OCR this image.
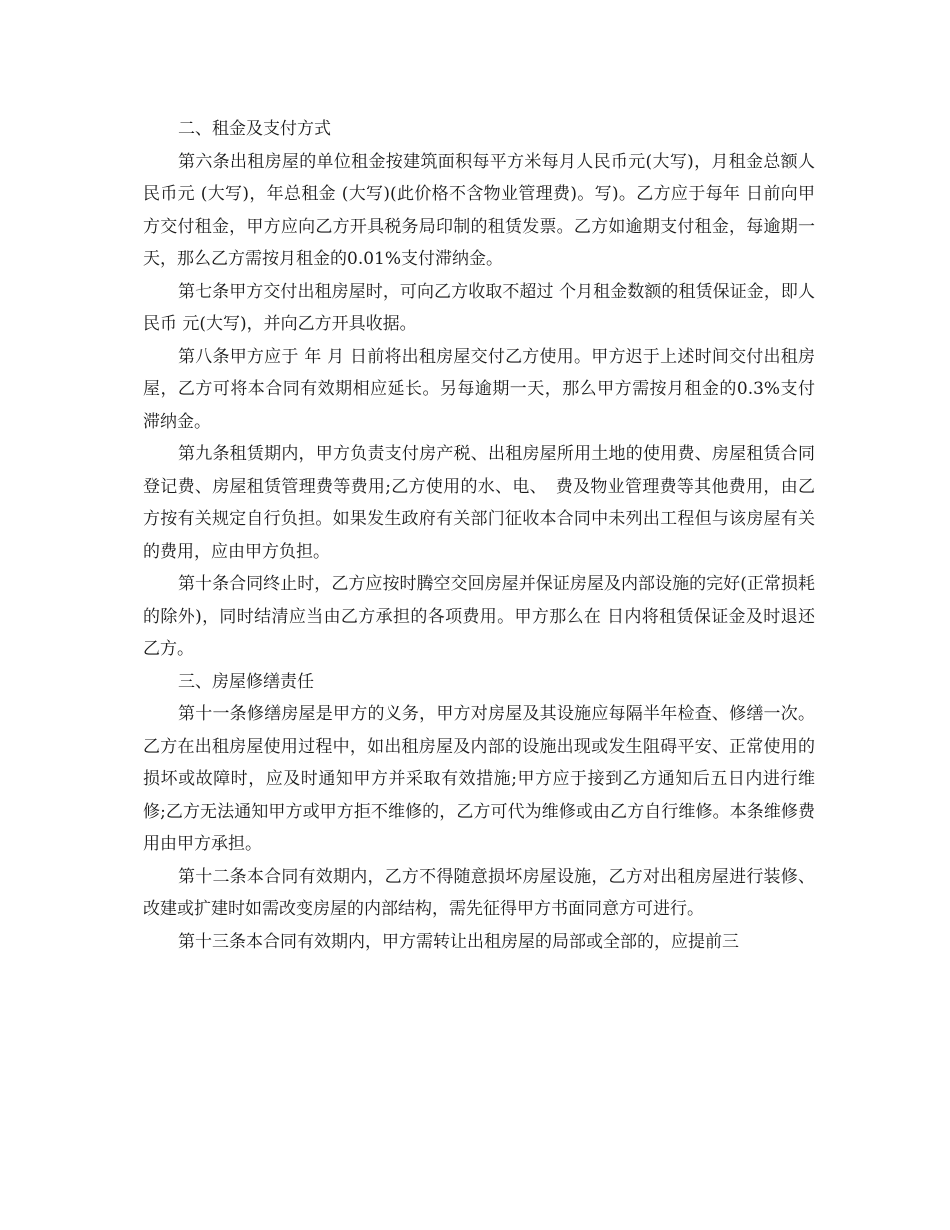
二、租金及支付方式

第六条出租房屋的单位租金按建筑面积每平方米每月人民币元(大写)，月租金总额人民币元 (大写)，年总租金 (大写)(此价格不含物业管理费)。写)。乙方应于每年 日前向甲方交付租金，甲方应向乙方开具税务局印制的租赁发票。乙方如逾期支付租金，每逾期一天，那么乙方需按月租金的0.01%支付滞纳金。

第七条甲方交付出租房屋时，可向乙方收取不超过 个月租金数额的租赁保证金，即人民币 元(大写)，并向乙方开具收据。

第八条甲方应于 年 月 日前将出租房屋交付乙方使用。甲方迟于上述时间交付出租房屋，乙方可将本合同有效期相应延长。另每逾期一天，那么甲方需按月租金的0.3%支付滞纳金。

第九条租赁期内，甲方负责支付房产税、出租房屋所用土地的使用费、房屋租赁合同登记费、房屋租赁管理费等费用;乙方使用的水、电、　费及物业管理费等其他费用，由乙方按有关规定自行负担。如果发生政府有关部门征收本合同中未列出工程但与该房屋有关的费用，应由甲方负担。

第十条合同终止时，乙方应按时腾空交回房屋并保证房屋及内部设施的完好(正常损耗的除外)，同时结清应当由乙方承担的各项费用。甲方那么在 日内将租赁保证金及时退还乙方。

三、房屋修缮责任

第十一条修缮房屋是甲方的义务，甲方对房屋及其设施应每隔半年检查、修缮一次。乙方在出租房屋使用过程中，如出租房屋及内部的设施出现或发生阻碍平安、正常使用的损坏或故障时，应及时通知甲方并采取有效措施;甲方应于接到乙方通知后五日内进行维修;乙方无法通知甲方或甲方拒不维修的，乙方可代为维修或由乙方自行维修。本条维修费用由甲方承担。

第十二条本合同有效期内，乙方不得随意损坏房屋设施，乙方对出租房屋进行装修、改建或扩建时如需改变房屋的内部结构，需先征得甲方书面同意方可进行。

第十三条本合同有效期内，甲方需转让出租房屋的局部或全部的，应提前三
